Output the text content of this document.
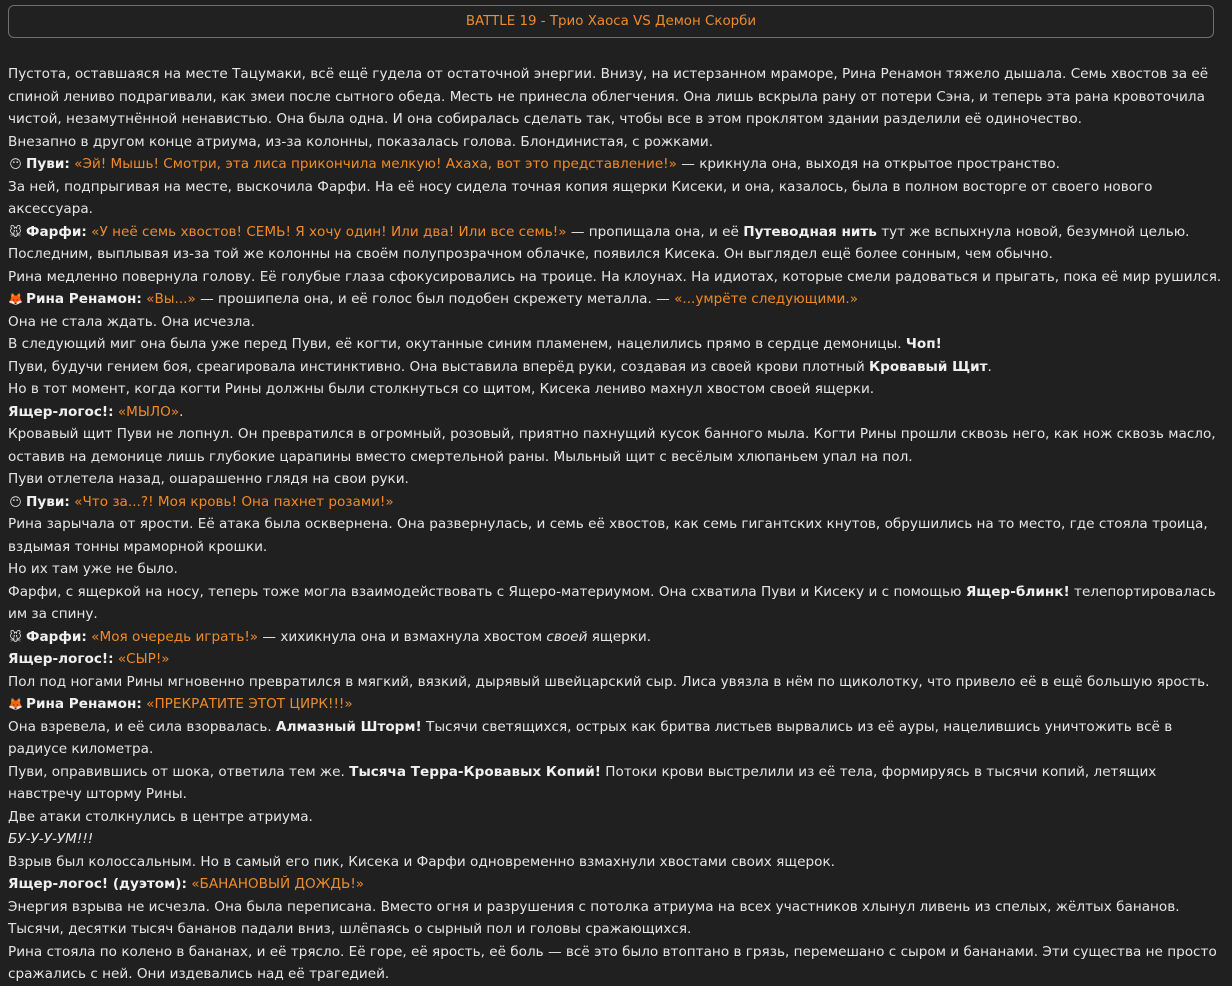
BATTLE 19 - Трио Хаоса VS Демон Скорби

Пустота, оставшаяся на месте Тацумаки, всё ещё гудела от остаточной энергии. Внизу, на истерзанном мраморе, Рина Ренамон тяжело дышала. Семь хвостов за её спиной лениво подрагивали, как змеи после сытного обеда. Месть не принесла облегчения. Она лишь вскрыла рану от потери Сэна, и теперь эта рана кровоточила чистой, незамутнённой ненавистью. Она была одна. И она собиралась сделать так, чтобы все в этом проклятом здании разделили её одиночество.

Внезапно в другом конце атриума, из-за колонны, показалась голова. Блондинистая, с рожками.

😶 Пуви: «Эй! Мышь! Смотри, эта лиса прикончила мелкую! Ахаха, вот это представление!» — крикнула она, выходя на открытое пространство.

За ней, подпрыгивая на месте, выскочила Фарфи. На её носу сидела точная копия ящерки Кисеки, и она, казалось, была в полном восторге от своего нового аксессуара.

🐭 Фарфи: «У неё семь хвостов! СЕМЬ! Я хочу один! Или два! Или все семь!» — пропищала она, и её Путеводная нить тут же вспыхнула новой, безумной целью.

Последним, выплывая из-за той же колонны на своём полупрозрачном облачке, появился Кисека. Он выглядел ещё более сонным, чем обычно.

Рина медленно повернула голову. Её голубые глаза сфокусировались на троице. На клоунах. На идиотах, которые смели радоваться и прыгать, пока её мир рушился.

🦊 Рина Ренамон: «Вы...» — прошипела она, и её голос был подобен скрежету металла. — «...умрёте следующими.»

Она не стала ждать. Она исчезла.

В следующий миг она была уже перед Пуви, её когти, окутанные синим пламенем, нацелились прямо в сердце демоницы. Чоп!

Пуви, будучи гением боя, среагировала инстинктивно. Она выставила вперёд руки, создавая из своей крови плотный Кровавый Щит.

Но в тот момент, когда когти Рины должны были столкнуться со щитом, Кисека лениво махнул хвостом своей ящерки.

Ящер-логос!: «МЫЛО».

Кровавый щит Пуви не лопнул. Он превратился в огромный, розовый, приятно пахнущий кусок банного мыла. Когти Рины прошли сквозь него, как нож сквозь масло, оставив на демонице лишь глубокие царапины вместо смертельной раны. Мыльный щит с весёлым хлюпаньем упал на пол.

Пуви отлетела назад, ошарашенно глядя на свои руки.

😶 Пуви: «Что за...?! Моя кровь! Она пахнет розами!»

Рина зарычала от ярости. Её атака была осквернена. Она развернулась, и семь её хвостов, как семь гигантских кнутов, обрушились на то место, где стояла троица, вздымая тонны мраморной крошки.

Но их там уже не было.

Фарфи, с ящеркой на носу, теперь тоже могла взаимодействовать с Ящеро-материумом. Она схватила Пуви и Кисеку и с помощью Ящер-блинк! телепортировалась им за спину.

🐭 Фарфи: «Моя очередь играть!» — хихикнула она и взмахнула хвостом своей ящерки.

Ящер-логос!: «СЫР!»

Пол под ногами Рины мгновенно превратился в мягкий, вязкий, дырявый швейцарский сыр. Лиса увязла в нём по щиколотку, что привело её в ещё большую ярость.

🦊 Рина Ренамон: «ПРЕКРАТИТЕ ЭТОТ ЦИРК!!!»

Она взревела, и её сила взорвалась. Алмазный Шторм! Тысячи светящихся, острых как бритва листьев вырвались из её ауры, нацелившись уничтожить всё в радиусе километра.

Пуви, оправившись от шока, ответила тем же. Тысяча Терра-Кровавых Копий! Потоки крови выстрелили из её тела, формируясь в тысячи копий, летящих навстречу шторму Рины.

Две атаки столкнулись в центре атриума.

БУ-У-У-УМ!!!

Взрыв был колоссальным. Но в самый его пик, Кисека и Фарфи одновременно взмахнули хвостами своих ящерок.

Ящер-логос! (дуэтом): «БАНАНОВЫЙ ДОЖДЬ!»

Энергия взрыва не исчезла. Она была переписана. Вместо огня и разрушения с потолка атриума на всех участников хлынул ливень из спелых, жёлтых бананов. Тысячи, десятки тысяч бананов падали вниз, шлёпаясь о сырный пол и головы сражающихся.

Рина стояла по колено в бананах, и её трясло. Её горе, её ярость, её боль — всё это было втоптано в грязь, перемешано с сыром и бананами. Эти существа не просто сражались с ней. Они издевались над её трагедией.
